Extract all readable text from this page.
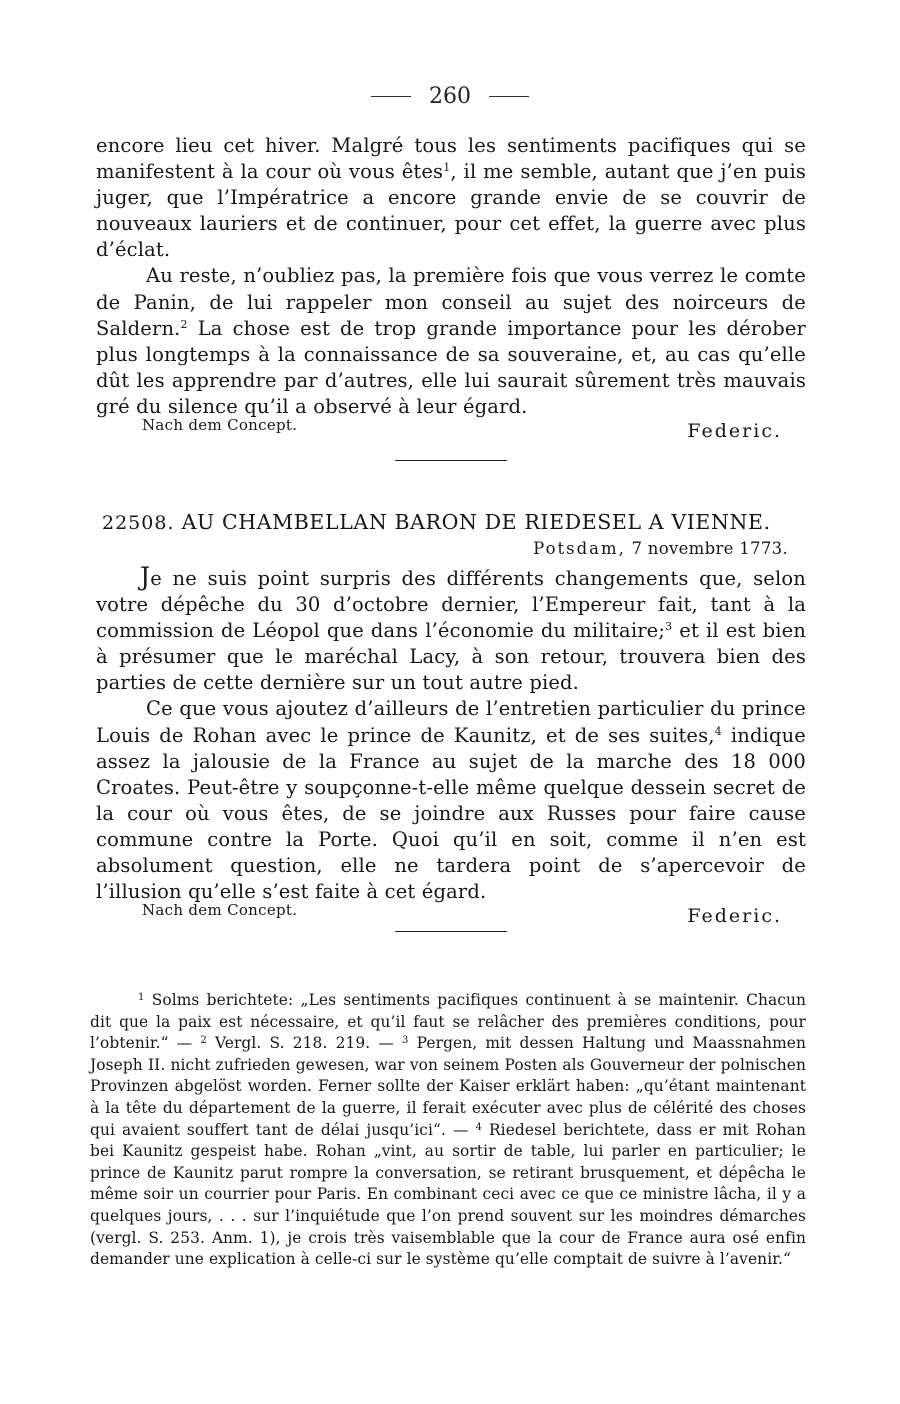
260

encore lieu cet hiver. Malgré tous les sentiments pacifiques qui se manifestent à la cour où vous êtes$^1$, il me semble, autant que j’en puis juger, que l’Impératrice a encore grande envie de se couvrir de nouveaux lauriers et de continuer, pour cet effet, la guerre avec plus d’éclat.

Au reste, n’oubliez pas, la première fois que vous verrez le comte de Panin, de lui rappeler mon conseil au sujet des noirceurs de Saldern.$^2$ La chose est de trop grande importance pour les dérober plus longtemps à la connaissance de sa souveraine, et, au cas qu’elle dût les apprendre par d’autres, elle lui saurait sûrement très mauvais gré du silence qu’il a observé à leur égard.

Federic.
Nach dem Concept.
22508. AU CHAMBELLAN BARON DE RIEDESEL A VIENNE.
Potsdam, 7 novembre 1773.

Je ne suis point surpris des différents changements que, selon votre dépêche du 30 d’octobre dernier, l’Empereur fait, tant à la commission de Léopol que dans l’économie du militaire;$^3$ et il est bien à présumer que le maréchal Lacy, à son retour, trouvera bien des parties de cette dernière sur un tout autre pied.

Ce que vous ajoutez d’ailleurs de l’entretien particulier du prince Louis de Rohan avec le prince de Kaunitz, et de ses suites,$^4$ indique assez la jalousie de la France au sujet de la marche des 18 000 Croates. Peut-être y soupçonne-t-elle même quelque dessein secret de la cour où vous êtes, de se joindre aux Russes pour faire cause commune contre la Porte. Quoi qu’il en soit, comme il n’en est absolument question, elle ne tardera point de s’apercevoir de l’illusion qu’elle s’est faite à cet égard.

Federic.
Nach dem Concept.

$^1$ Solms berichtete: „Les sentiments pacifiques continuent à se maintenir. Chacun dit que la paix est nécessaire, et qu’il faut se relâcher des premières conditions, pour l’obtenir.“ — $^2$ Vergl. S. 218. 219. — $^3$ Pergen, mit dessen Haltung und Maassnahmen Joseph II. nicht zufrieden gewesen, war von seinem Posten als Gouverneur der polnischen Provinzen abgelöst worden. Ferner sollte der Kaiser erklärt haben: „qu’étant maintenant à la tête du département de la guerre, il ferait exécuter avec plus de célérité des choses qui avaient souffert tant de délai jusqu’ici“. — $^4$ Riedesel berichtete, dass er mit Rohan bei Kaunitz gespeist habe. Rohan „vint, au sortir de table, lui parler en particulier; le prince de Kaunitz parut rompre la conversation, se retirant brusquement, et dépêcha le même soir un courrier pour Paris. En combinant ceci avec ce que ce ministre lâcha, il y a quelques jours, . . . sur l’inquiétude que l’on prend souvent sur les moindres démarches (vergl. S. 253. Anm. 1), je crois très vaisemblable que la cour de France aura osé enfin demander une explication à celle-ci sur le système qu’elle comptait de suivre à l’avenir.“
